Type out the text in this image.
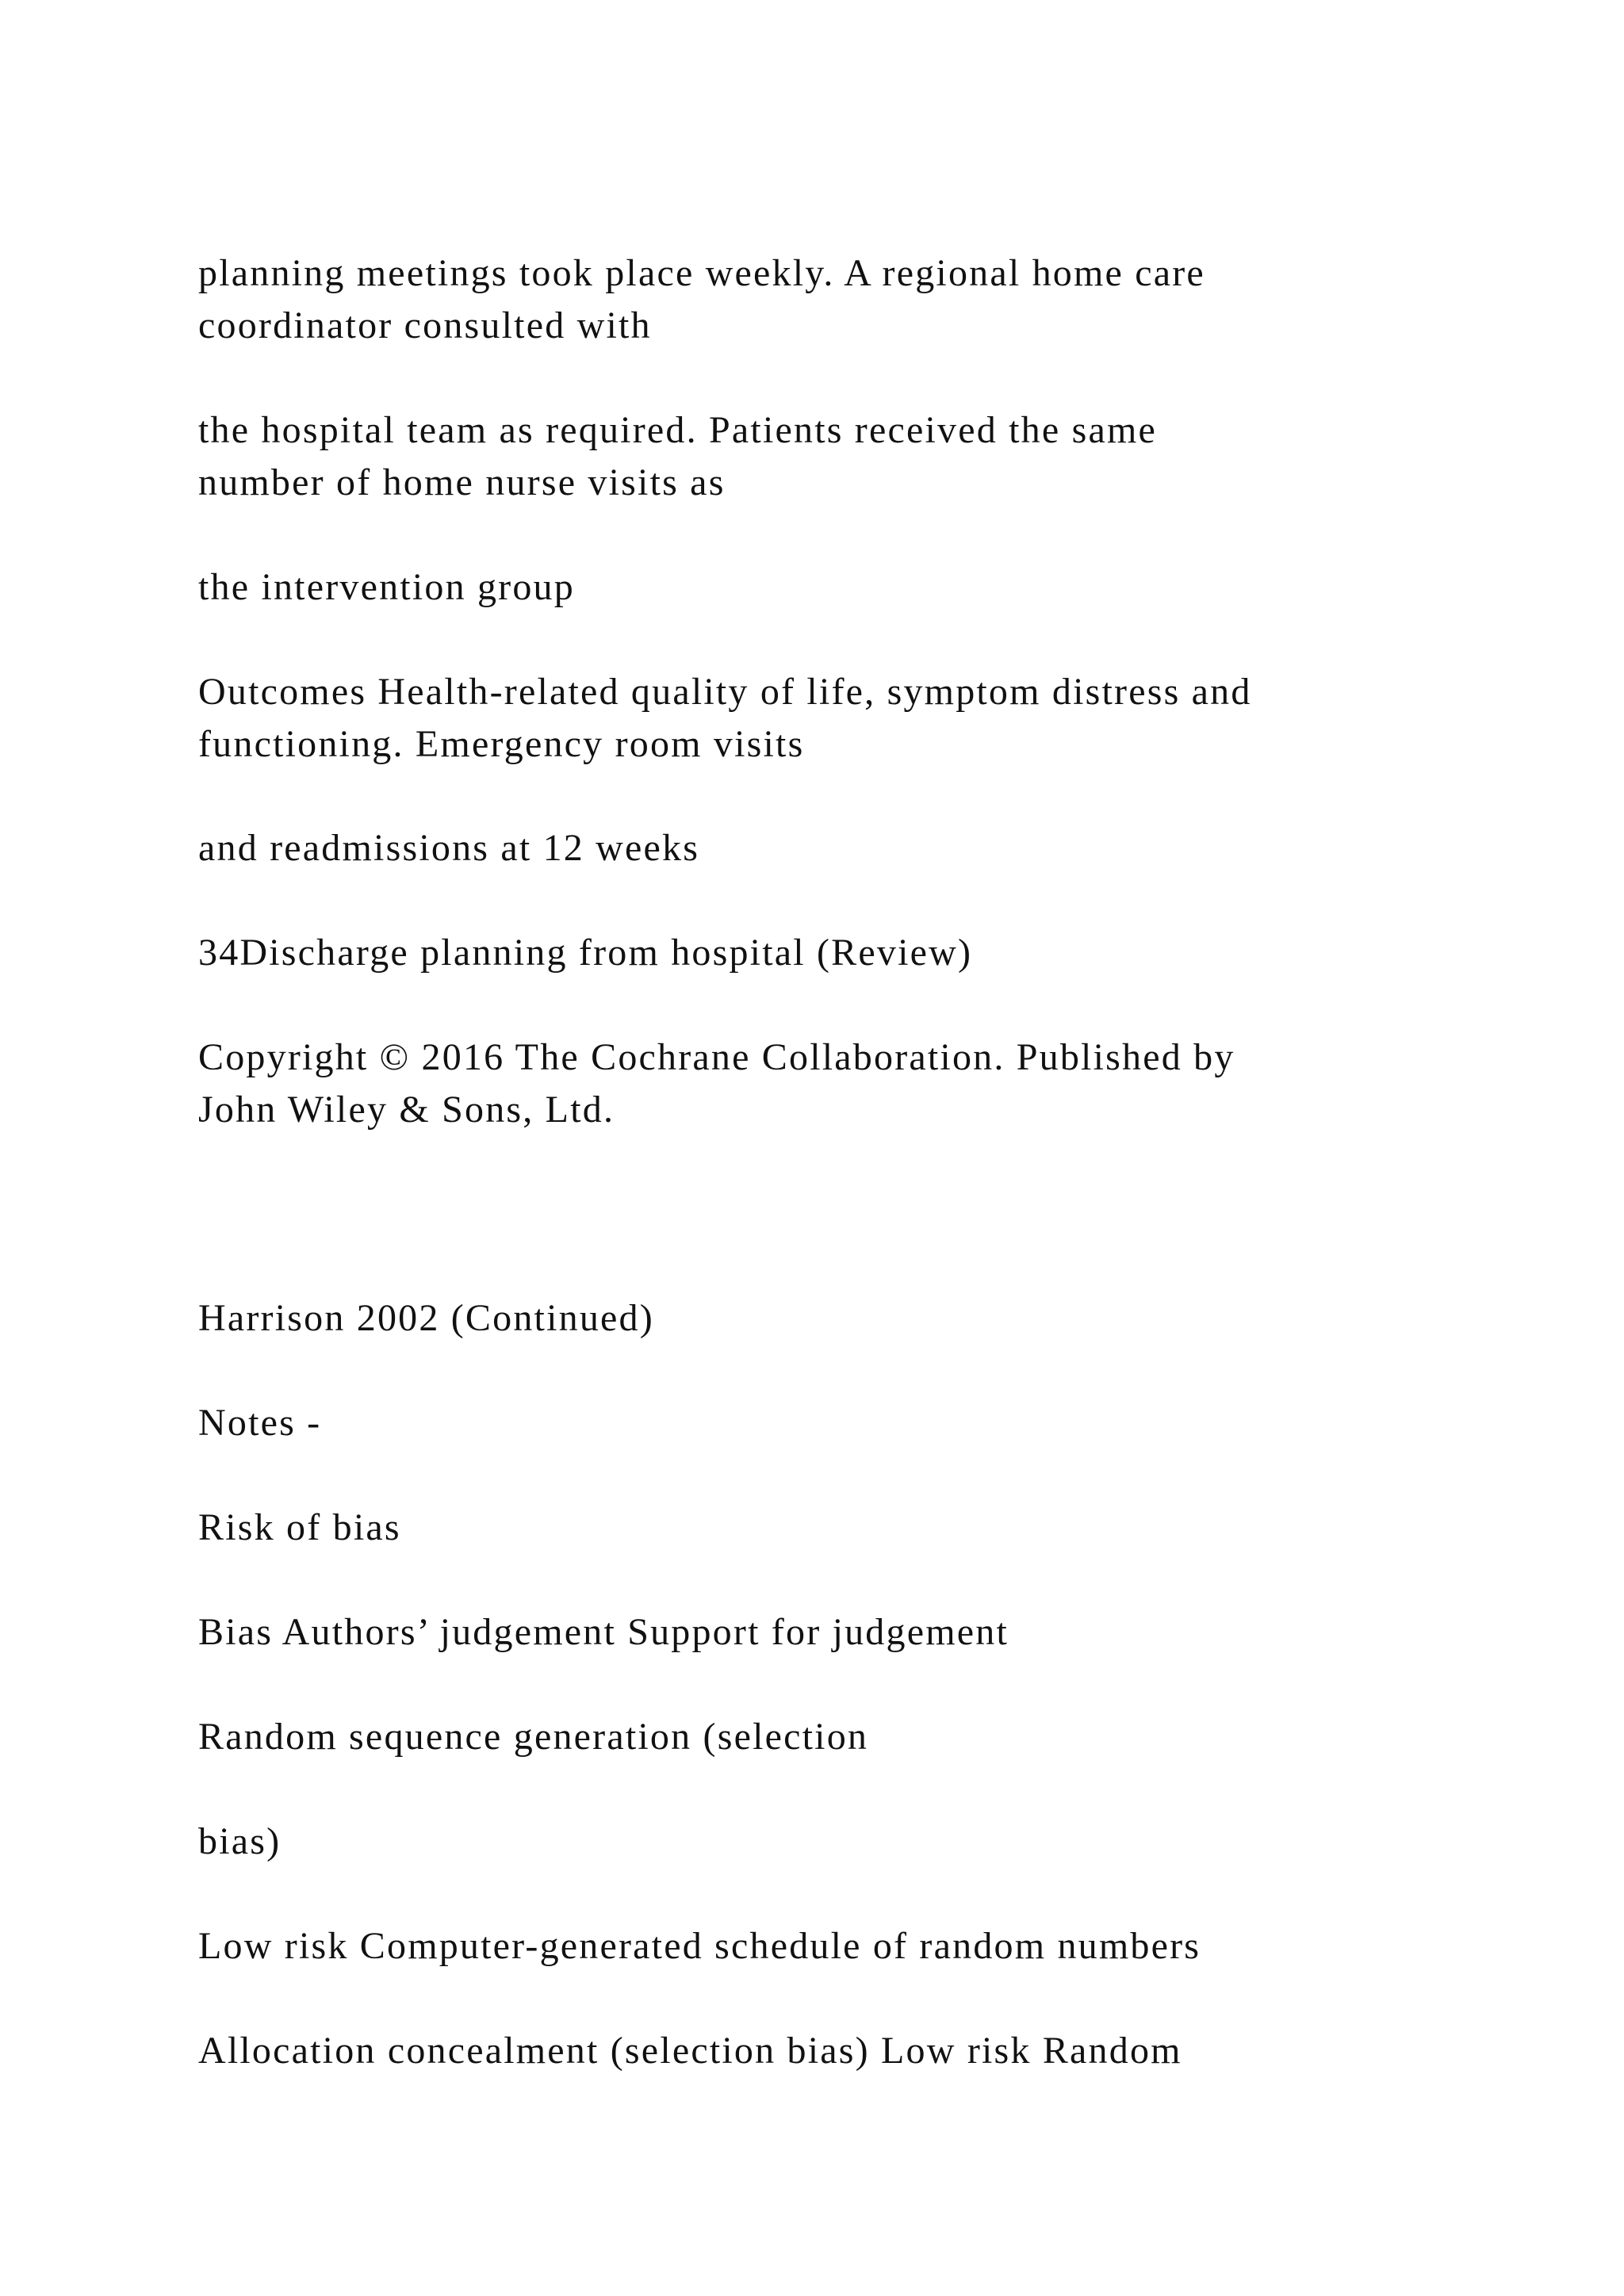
planning meetings took place weekly. A regional home care
coordinator consulted with

the hospital team as required. Patients received the same
number of home nurse visits as

the intervention group

Outcomes Health-related quality of life, symptom distress and
functioning. Emergency room visits

and readmissions at 12 weeks

34Discharge planning from hospital (Review)

Copyright © 2016 The Cochrane Collaboration. Published by
John Wiley & Sons, Ltd.

Harrison 2002 (Continued)

Notes -

Risk of bias

Bias Authors’ judgement Support for judgement

Random sequence generation (selection

bias)

Low risk Computer-generated schedule of random numbers

Allocation concealment (selection bias) Low risk Random
